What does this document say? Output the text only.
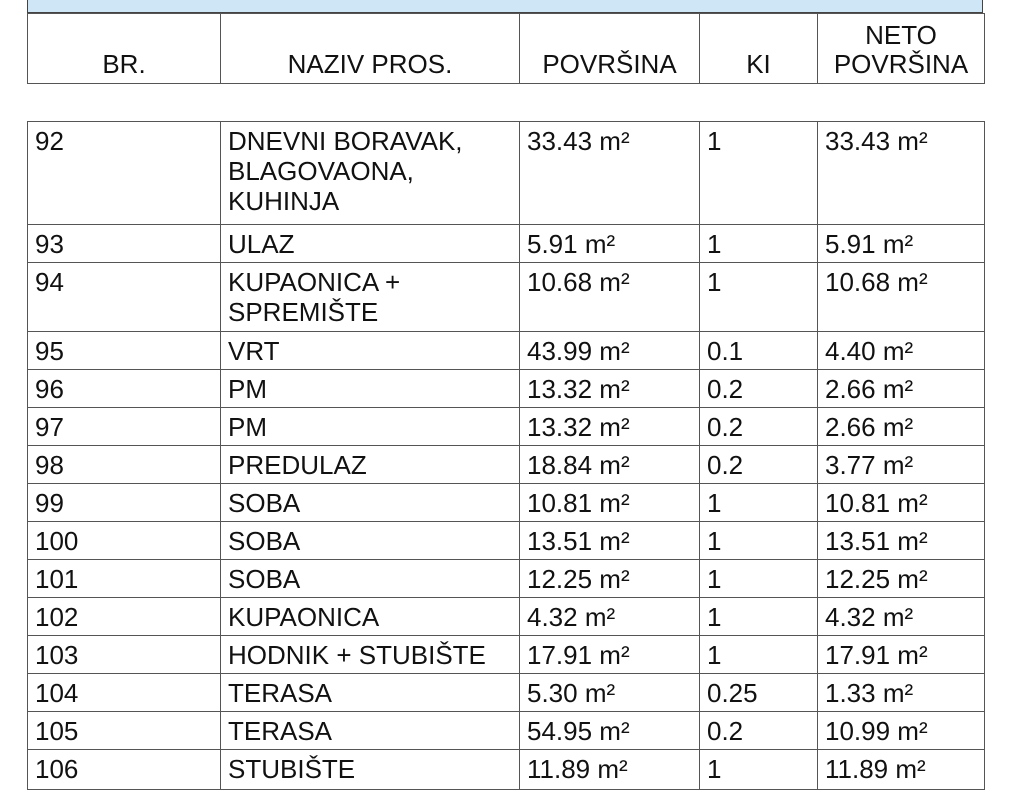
BR.	NAZIV PROS.	POVRŠINA	KI	NETO
POVRŠINA
92	DNEVNI BORAVAK, BLAGOVAONA, KUHINJA	33.43 m²	1	33.43 m²
93	ULAZ	5.91 m²	1	5.91 m²
94	KUPAONICA + SPREMIŠTE	10.68 m²	1	10.68 m²
95	VRT	43.99 m²	0.1	4.40 m²
96	PM	13.32 m²	0.2	2.66 m²
97	PM	13.32 m²	0.2	2.66 m²
98	PREDULAZ	18.84 m²	0.2	3.77 m²
99	SOBA	10.81 m²	1	10.81 m²
100	SOBA	13.51 m²	1	13.51 m²
101	SOBA	12.25 m²	1	12.25 m²
102	KUPAONICA	4.32 m²	1	4.32 m²
103	HODNIK + STUBIŠTE	17.91 m²	1	17.91 m²
104	TERASA	5.30 m²	0.25	1.33 m²
105	TERASA	54.95 m²	0.2	10.99 m²
106	STUBIŠTE	11.89 m²	1	11.89 m²
